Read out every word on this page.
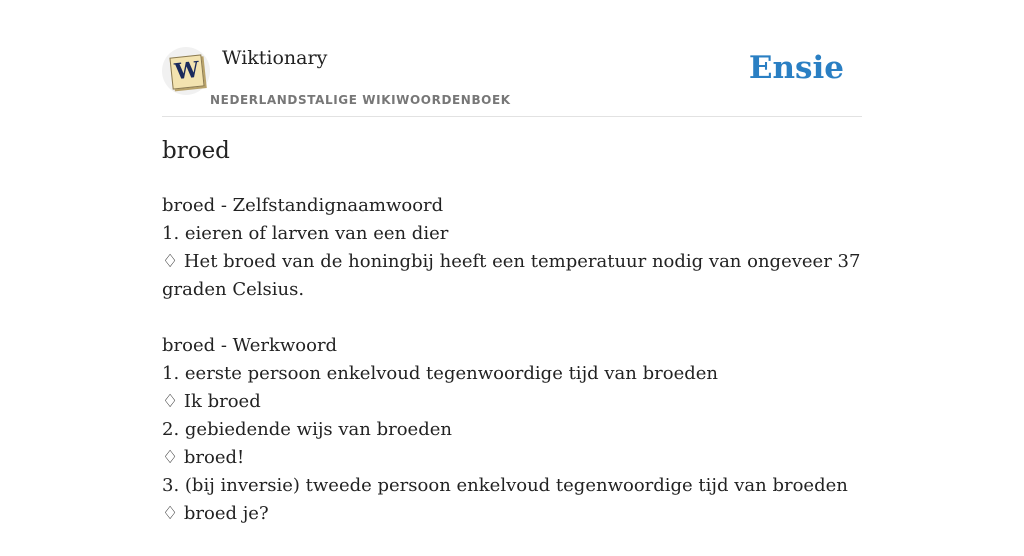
W Wiktionary
NEDERLANDSTALIGE WIKIWOORDENBOEK
Ensie
broed
broed - Zelfstandignaamwoord
1. eieren of larven van een dier
♢ Het broed van de honingbij heeft een temperatuur nodig van ongeveer 37 graden Celsius.
broed - Werkwoord
1. eerste persoon enkelvoud tegenwoordige tijd van broeden
♢ Ik broed
2. gebiedende wijs van broeden
♢ broed!
3. (bij inversie) tweede persoon enkelvoud tegenwoordige tijd van broeden
♢ broed je?
